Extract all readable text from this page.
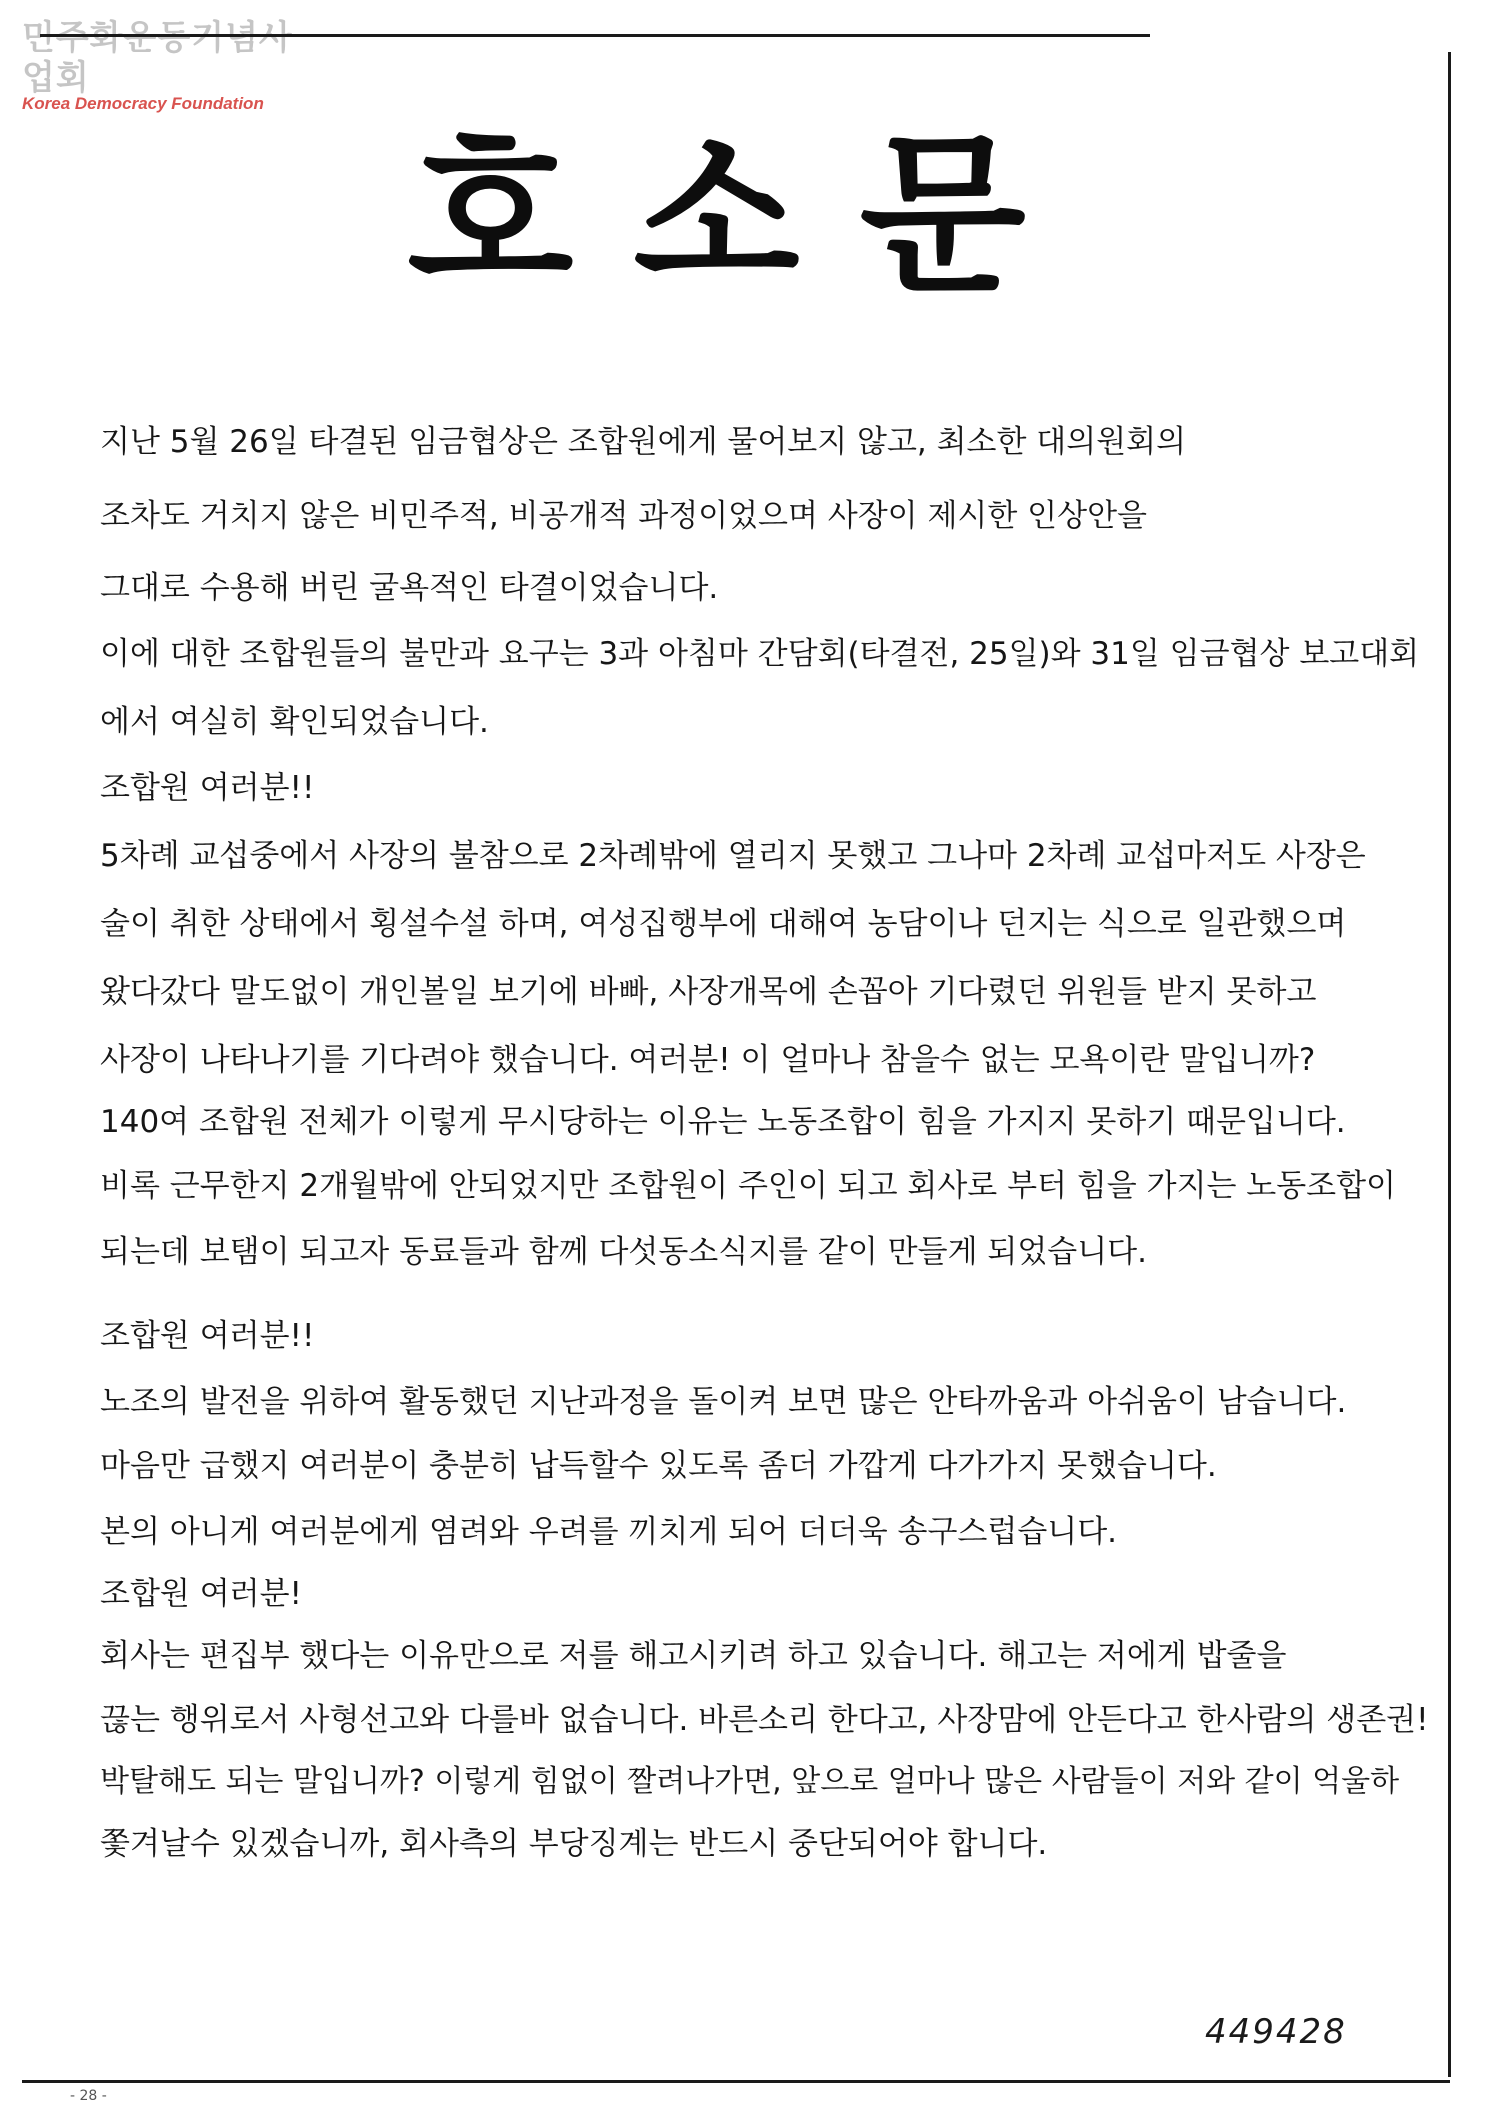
민주화운동기념사업회
Korea Democracy Foundation
호소문
지난 5월 26일 타결된 임금협상은 조합원에게 물어보지 않고, 최소한 대의원회의
조차도 거치지 않은 비민주적, 비공개적 과정이었으며 사장이 제시한 인상안을
그대로 수용해 버린 굴욕적인 타결이었습니다.
이에 대한 조합원들의 불만과 요구는 3과 아침마 간담회(타결전, 25일)와 31일 임금협상 보고대회
에서 여실히 확인되었습니다.
조합원 여러분!!
5차례 교섭중에서 사장의 불참으로 2차례밖에 열리지 못했고 그나마 2차례 교섭마저도 사장은
술이 취한 상태에서 횡설수설 하며, 여성집행부에 대해여 농담이나 던지는 식으로 일관했으며
왔다갔다 말도없이 개인볼일 보기에 바빠, 사장개목에 손꼽아 기다렸던 위원들 받지 못하고
사장이 나타나기를 기다려야 했습니다. 여러분! 이 얼마나 참을수 없는 모욕이란 말입니까?
140여 조합원 전체가 이렇게 무시당하는 이유는 노동조합이 힘을 가지지 못하기 때문입니다.
비록 근무한지 2개월밖에 안되었지만 조합원이 주인이 되고 회사로 부터 힘을 가지는 노동조합이
되는데 보탬이 되고자 동료들과 함께 다섯동소식지를 같이 만들게 되었습니다.
조합원 여러분!!
노조의 발전을 위하여 활동했던 지난과정을 돌이켜 보면 많은 안타까움과 아쉬움이 남습니다.
마음만 급했지 여러분이 충분히 납득할수 있도록 좀더 가깝게 다가가지 못했습니다.
본의 아니게 여러분에게 염려와 우려를 끼치게 되어 더더욱 송구스럽습니다.
조합원 여러분!
회사는 편집부 했다는 이유만으로 저를 해고시키려 하고 있습니다. 해고는 저에게 밥줄을
끊는 행위로서 사형선고와 다를바 없습니다. 바른소리 한다고, 사장맘에 안든다고 한사람의 생존권!
박탈해도 되는 말입니까? 이렇게 힘없이 짤려나가면, 앞으로 얼마나 많은 사람들이 저와 같이 억울하
쫓겨날수 있겠습니까, 회사측의 부당징계는 반드시 중단되어야 합니다.
449428
- 28 -
